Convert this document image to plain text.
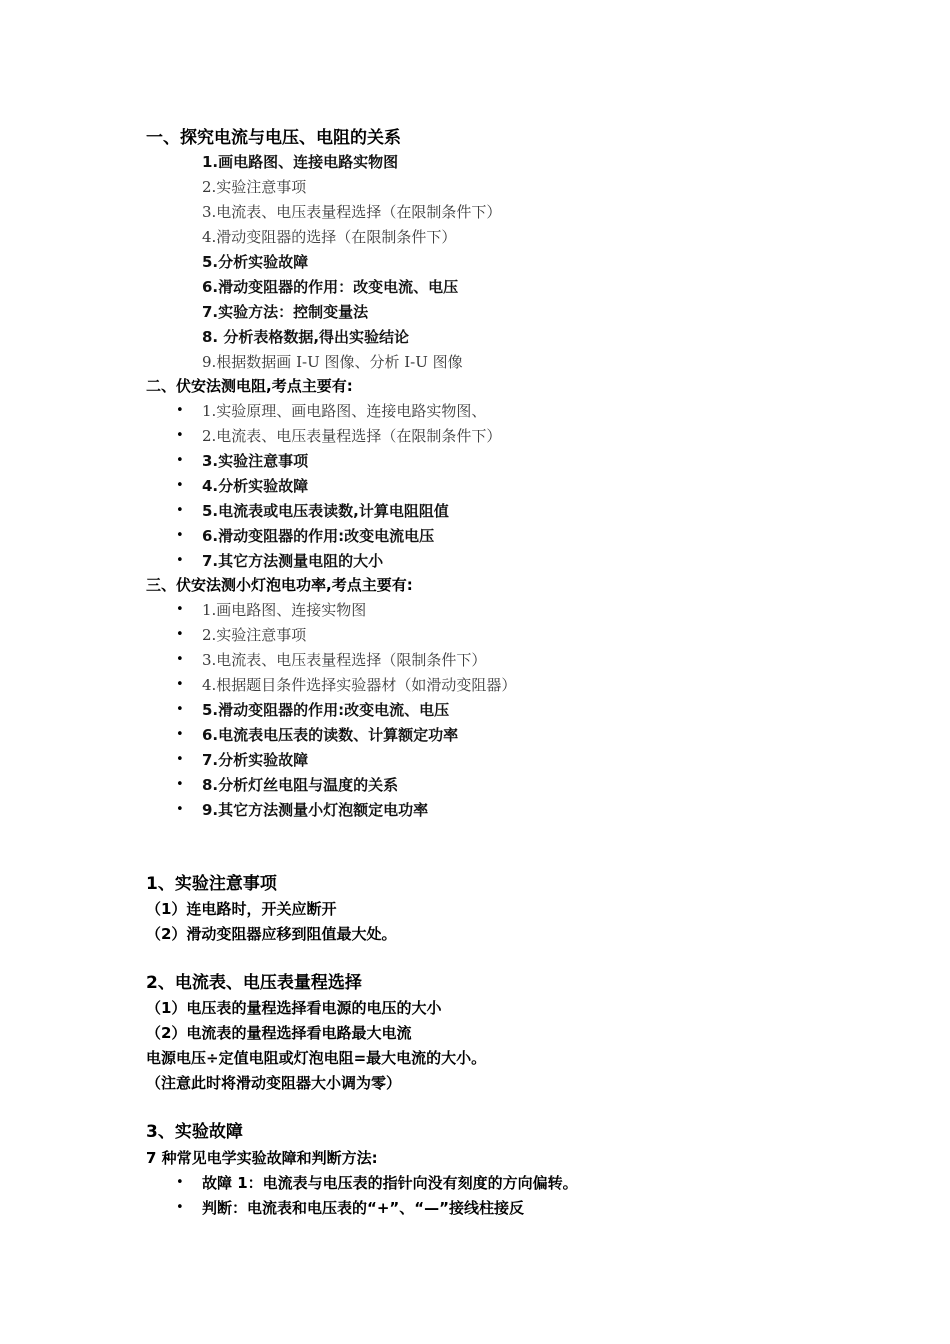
一、探究电流与电压、电阻的关系
1.画电路图、连接电路实物图
2.实验注意事项
3.电流表、电压表量程选择（在限制条件下）
4.滑动变阻器的选择（在限制条件下）
5.分析实验故障
6.滑动变阻器的作用：改变电流、电压
7.实验方法：控制变量法
8. 分析表格数据,得出实验结论
9.根据数据画 I-U 图像、分析 I-U 图像
二、伏安法测电阻,考点主要有:
• 1.实验原理、画电路图、连接电路实物图、
• 2.电流表、电压表量程选择（在限制条件下）
• 3.实验注意事项
• 4.分析实验故障
• 5.电流表或电压表读数,计算电阻阻值
• 6.滑动变阻器的作用:改变电流电压
• 7.其它方法测量电阻的大小
三、伏安法测小灯泡电功率,考点主要有:
• 1.画电路图、连接实物图
• 2.实验注意事项
• 3.电流表、电压表量程选择（限制条件下）
• 4.根据题目条件选择实验器材（如滑动变阻器）
• 5.滑动变阻器的作用:改变电流、电压
• 6.电流表电压表的读数、计算额定功率
• 7.分析实验故障
• 8.分析灯丝电阻与温度的关系
• 9.其它方法测量小灯泡额定电功率
1、实验注意事项
（1）连电路时，开关应断开
（2）滑动变阻器应移到阻值最大处。
2、电流表、电压表量程选择
（1）电压表的量程选择看电源的电压的大小
（2）电流表的量程选择看电路最大电流
电源电压÷定值电阻或灯泡电阻=最大电流的大小。
（注意此时将滑动变阻器大小调为零）
3、实验故障
7 种常见电学实验故障和判断方法:
• 故障 1：电流表与电压表的指针向没有刻度的方向偏转。
• 判断：电流表和电压表的“+”、“—”接线柱接反
